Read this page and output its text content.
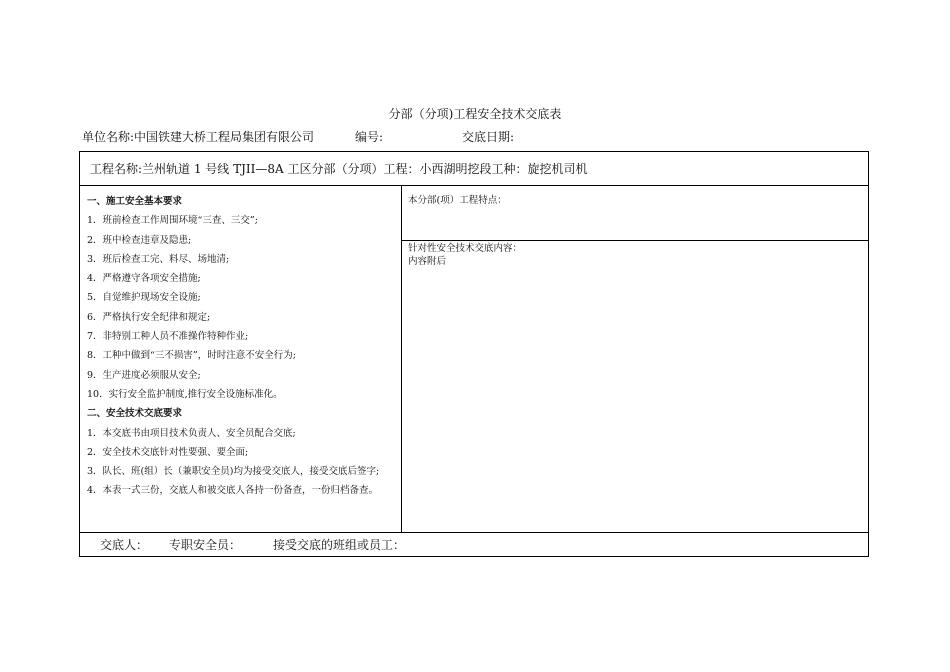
分部（分项)工程安全技术交底表
单位名称:中国铁建大桥工程局集团有限公司	编号:	交底日期:
工程名称:兰州轨道 1 号线 TJII—8A 工区分部（分项）工程：小西湖明挖段工种：旋挖机司机
一、施工安全基本要求
1．班前检查工作周围环境“三查、三交”;
2．班中检查违章及隐患;
3．班后检查工完、料尽、场地清;
4．严格遵守各项安全措施;
5．自觉维护现场安全设施;
6．严格执行安全纪律和规定;
7．非特别工种人员不准操作特种作业;
8．工种中做到“三不损害”，时时注意不安全行为;
9．生产进度必须服从安全;
10．实行安全监护制度,推行安全设施标准化。
二、安全技术交底要求
1．本交底书由项目技术负责人、安全员配合交底;
2．安全技术交底针对性要强、要全面;
3．队长、班(组）长（兼职安全员)均为接受交底人，接受交底后签字;
4．本表一式三份，交底人和被交底人各持一份备查，一份归档备查。
本分部(项）工程特点：
针对性安全技术交底内容：
内容附后
交底人： 专职安全员：	接受交底的班组或员工：
